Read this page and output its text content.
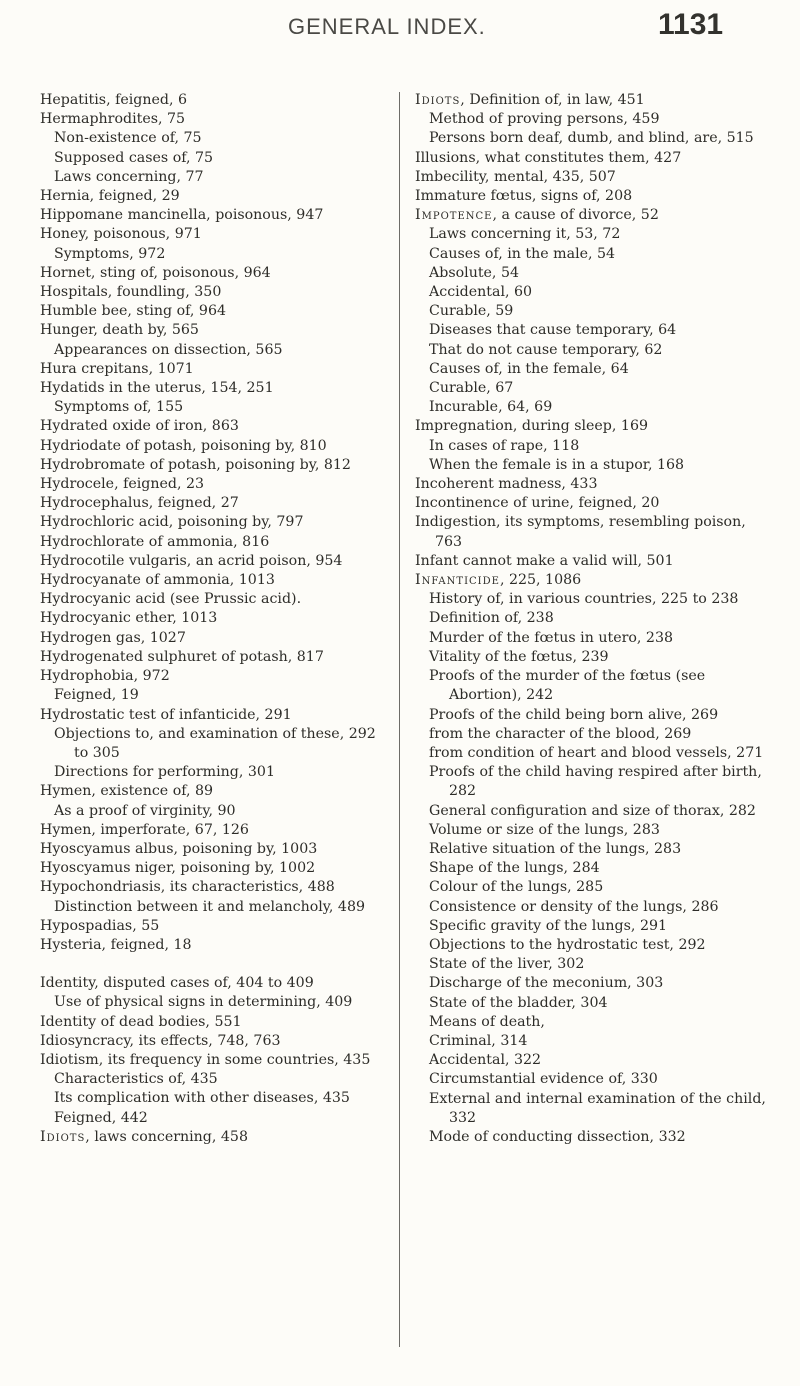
GENERAL INDEX.	1131
Hepatitis, feigned, 6
Hermaphrodites, 75
Non-existence of, 75
Supposed cases of, 75
Laws concerning, 77
Hernia, feigned, 29
Hippomane mancinella, poisonous, 947
Honey, poisonous, 971
Symptoms, 972
Hornet, sting of, poisonous, 964
Hospitals, foundling, 350
Humble bee, sting of, 964
Hunger, death by, 565
Appearances on dissection, 565
Hura crepitans, 1071
Hydatids in the uterus, 154, 251
Symptoms of, 155
Hydrated oxide of iron, 863
Hydriodate of potash, poisoning by, 810
Hydrobromate of potash, poisoning by, 812
Hydrocele, feigned, 23
Hydrocephalus, feigned, 27
Hydrochloric acid, poisoning by, 797
Hydrochlorate of ammonia, 816
Hydrocotile vulgaris, an acrid poison, 954
Hydrocyanate of ammonia, 1013
Hydrocyanic acid (see Prussic acid).
Hydrocyanic ether, 1013
Hydrogen gas, 1027
Hydrogenated sulphuret of potash, 817
Hydrophobia, 972
Feigned, 19
Hydrostatic test of infanticide, 291
Objections to, and examination of these, 292 to 305
Directions for performing, 301
Hymen, existence of, 89
As a proof of virginity, 90
Hymen, imperforate, 67, 126
Hyoscyamus albus, poisoning by, 1003
Hyoscyamus niger, poisoning by, 1002
Hypochondriasis, its characteristics, 488
Distinction between it and melancholy, 489
Hypospadias, 55
Hysteria, feigned, 18
Identity, disputed cases of, 404 to 409
Use of physical signs in determining, 409
Identity of dead bodies, 551
Idiosyncracy, its effects, 748, 763
Idiotism, its frequency in some countries, 435
Characteristics of, 435
Its complication with other diseases, 435
Feigned, 442
Idiots, laws concerning, 458
Idiots, Definition of, in law, 451
Method of proving persons, 459
Persons born deaf, dumb, and blind, are, 515
Illusions, what constitutes them, 427
Imbecility, mental, 435, 507
Immature fœtus, signs of, 208
Impotence, a cause of divorce, 52
Laws concerning it, 53, 72
Causes of, in the male, 54
Absolute, 54
Accidental, 60
Curable, 59
Diseases that cause temporary, 64
That do not cause temporary, 62
Causes of, in the female, 64
Curable, 67
Incurable, 64, 69
Impregnation, during sleep, 169
In cases of rape, 118
When the female is in a stupor, 168
Incoherent madness, 433
Incontinence of urine, feigned, 20
Indigestion, its symptoms, resembling poison, 763
Infant cannot make a valid will, 501
Infanticide, 225, 1086
History of, in various countries, 225 to 238
Definition of, 238
Murder of the fœtus in utero, 238
Vitality of the fœtus, 239
Proofs of the murder of the fœtus (see Abortion), 242
Proofs of the child being born alive, 269
from the character of the blood, 269
from condition of heart and blood vessels, 271
Proofs of the child having respired after birth, 282
General configuration and size of thorax, 282
Volume or size of the lungs, 283
Relative situation of the lungs, 283
Shape of the lungs, 284
Colour of the lungs, 285
Consistence or density of the lungs, 286
Specific gravity of the lungs, 291
Objections to the hydrostatic test, 292
State of the liver, 302
Discharge of the meconium, 303
State of the bladder, 304
Means of death,
Criminal, 314
Accidental, 322
Circumstantial evidence of, 330
External and internal examination of the child, 332
Mode of conducting dissection, 332
